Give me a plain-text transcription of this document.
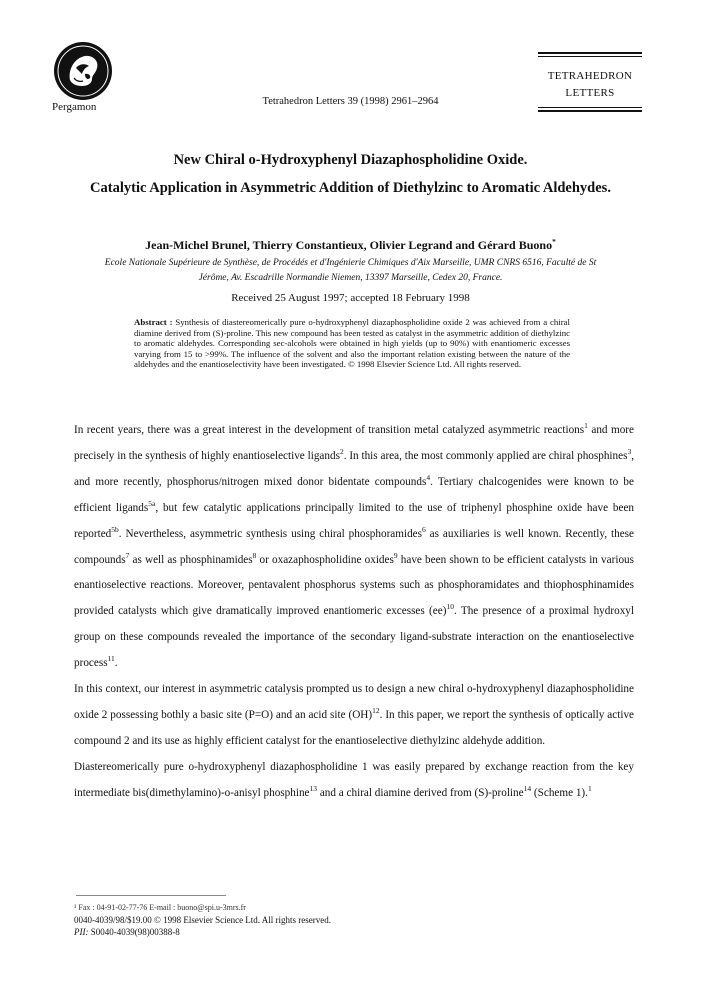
Pergamon	Tetrahedron Letters 39 (1998) 2961–2964
TETRAHEDRON
LETTERS
New Chiral o-Hydroxyphenyl Diazaphospholidine Oxide.
Catalytic Application in Asymmetric Addition of Diethylzinc to Aromatic Aldehydes.
Jean-Michel Brunel, Thierry Constantieux, Olivier Legrand and Gérard Buono*
Ecole Nationale Supérieure de Synthèse, de Procédés et d'Ingénierie Chimiques d'Aix Marseille, UMR CNRS 6516, Faculté de St
Jérôme, Av. Escadrille Normandie Niemen, 13397 Marseille, Cedex 20, France.
Received 25 August 1997; accepted 18 February 1998
Abstract : Synthesis of diastereomerically pure o-hydroxyphenyl diazaphospholidine oxide 2 was achieved from a chiral diamine derived from (S)-proline. This new compound has been tested as catalyst in the asymmetric addition of diethylzinc to aromatic aldehydes. Corresponding sec-alcohols were obtained in high yields (up to 90%) with enantiomeric excesses varying from 15 to >99%. The influence of the solvent and also the important relation existing between the nature of the aldehydes and the enantioselectivity have been investigated. © 1998 Elsevier Science Ltd. All rights reserved.

In recent years, there was a great interest in the development of transition metal catalyzed asymmetric reactions$^1$ and more precisely in the synthesis of highly enantioselective ligands$^2$. In this area, the most commonly applied are chiral phosphines$^3$, and more recently, phosphorus/nitrogen mixed donor bidentate compounds$^4$. Tertiary chalcogenides were known to be efficient ligands$^{5a}$, but few catalytic applications principally limited to the use of triphenyl phosphine oxide have been reported$^{5b}$. Nevertheless, asymmetric synthesis using chiral phosphoramides$^6$ as auxiliaries is well known. Recently, these compounds$^7$ as well as phosphinamides$^8$ or oxazaphospholidine oxides$^9$ have been shown to be efficient catalysts in various enantioselective reactions. Moreover, pentavalent phosphorus systems such as phosphoramidates and thiophosphinamides provided catalysts which give dramatically improved enantiomeric excesses (ee)$^{10}$. The presence of a proximal hydroxyl group on these compounds revealed the importance of the secondary ligand-substrate interaction on the enantioselective process$^{11}$.

In this context, our interest in asymmetric catalysis prompted us to design a new chiral o-hydroxyphenyl diazaphospholidine oxide 2 possessing bothly a basic site (P=O) and an acid site (OH)$^{12}$. In this paper, we report the synthesis of optically active compound 2 and its use as highly efficient catalyst for the enantioselective diethylzinc aldehyde addition.

Diastereomerically pure o-hydroxyphenyl diazaphospholidine 1 was easily prepared by exchange reaction from the key intermediate bis(dimethylamino)-o-anisyl phosphine$^{13}$ and a chiral diamine derived from (S)-proline$^{14}$ (Scheme 1).$^1$

¹ Fax : 04-91-02-77-76 E-mail : buono@spi.u-3mrs.fr
0040-4039/98/$19.00 © 1998 Elsevier Science Ltd. All rights reserved.
PII: S0040-4039(98)00388-8
